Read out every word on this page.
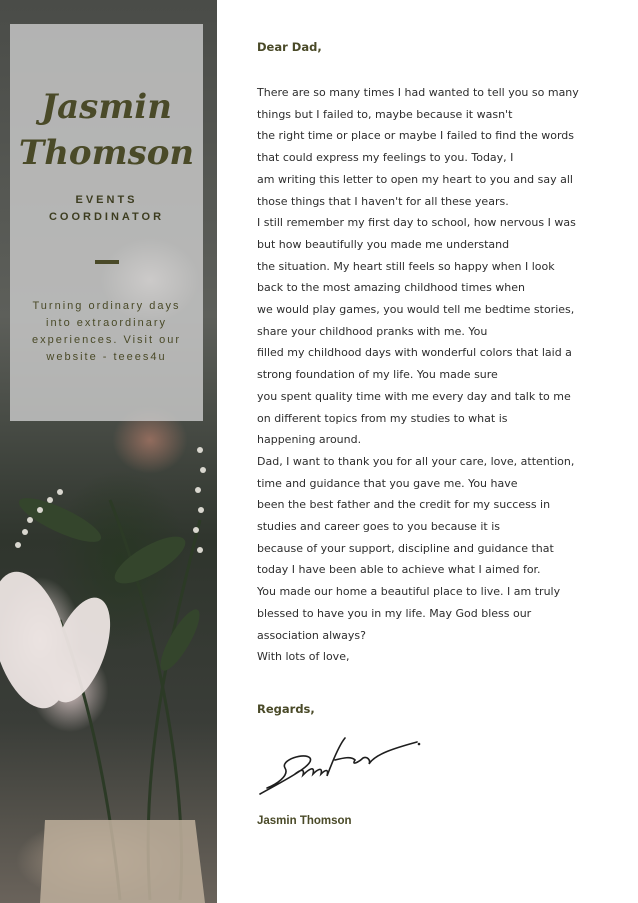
Jasmin
Thomson
EVENTS
COORDINATOR
Turning ordinary days into extraordinary experiences. Visit our website - teees4u
Dear Dad,
There are so many times I had wanted to tell you so many
things but I failed to, maybe because it wasn't
the right time or place or maybe I failed to find the words
that could express my feelings to you. Today, I
am writing this letter to open my heart to you and say all
those things that I haven't for all these years.
I still remember my first day to school, how nervous I was
but how beautifully you made me understand
the situation. My heart still feels so happy when I look
back to the most amazing childhood times when
we would play games, you would tell me bedtime stories,
share your childhood pranks with me. You
filled my childhood days with wonderful colors that laid a
strong foundation of my life. You made sure
you spent quality time with me every day and talk to me
on different topics from my studies to what is
happening around.
Dad, I want to thank you for all your care, love, attention,
time and guidance that you gave me. You have
been the best father and the credit for my success in
studies and career goes to you because it is
because of your support, discipline and guidance that
today I have been able to achieve what I aimed for.
You made our home a beautiful place to live. I am truly
blessed to have you in my life. May God bless our
association always?
With lots of love,
Regards,
Jasmin Thomson
